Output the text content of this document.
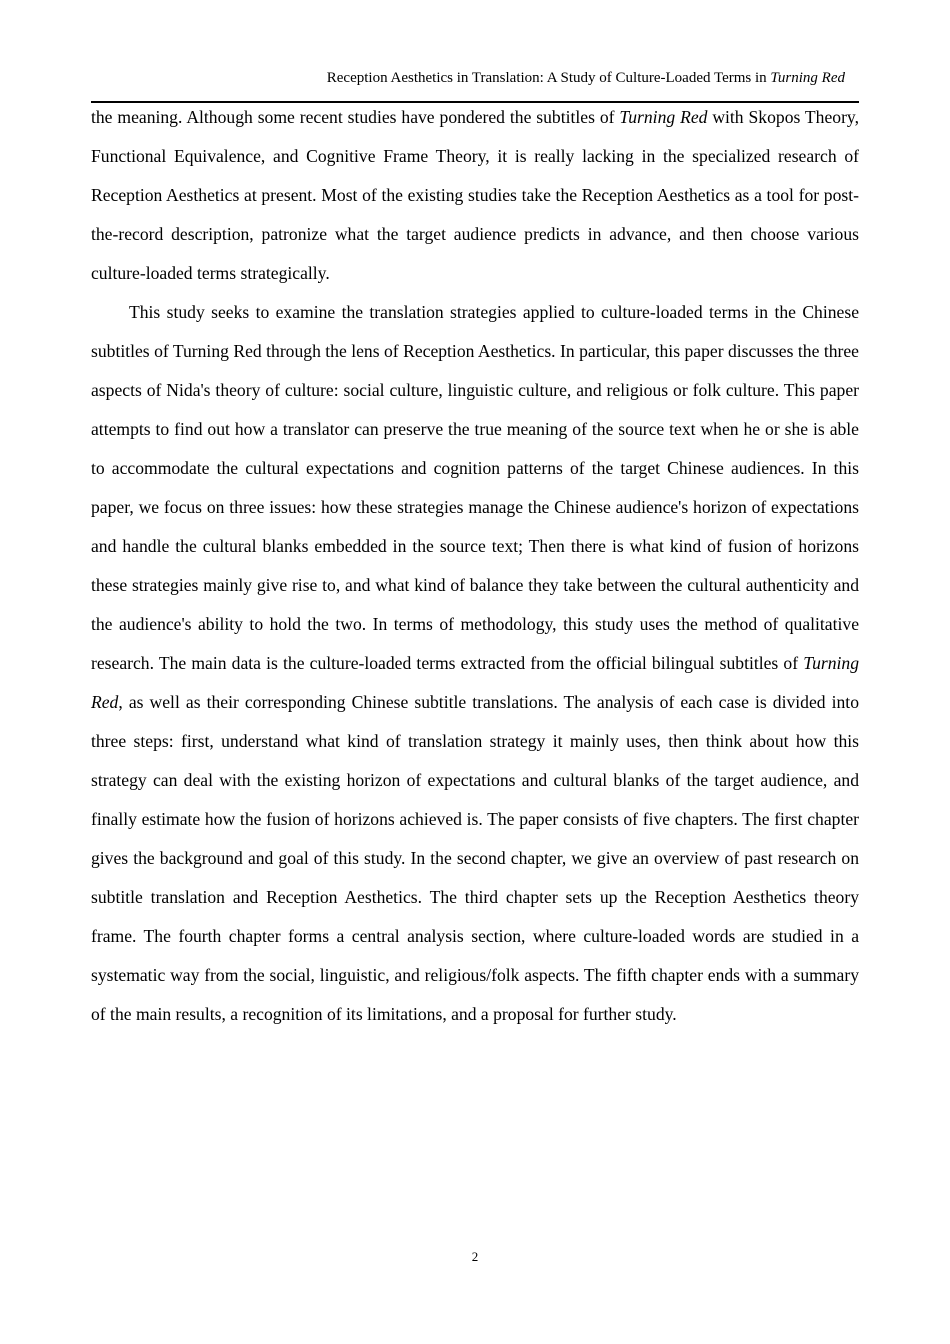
Reception Aesthetics in Translation: A Study of Culture-Loaded Terms in Turning Red

the meaning. Although some recent studies have pondered the subtitles of Turning Red with Skopos Theory, Functional Equivalence, and Cognitive Frame Theory, it is really lacking in the specialized research of Reception Aesthetics at present. Most of the existing studies take the Reception Aesthetics as a tool for post-the-record description, patronize what the target audience predicts in advance, and then choose various culture-loaded terms strategically.

This study seeks to examine the translation strategies applied to culture-loaded terms in the Chinese subtitles of Turning Red through the lens of Reception Aesthetics. In particular, this paper discusses the three aspects of Nida's theory of culture: social culture, linguistic culture, and religious or folk culture. This paper attempts to find out how a translator can preserve the true meaning of the source text when he or she is able to accommodate the cultural expectations and cognition patterns of the target Chinese audiences. In this paper, we focus on three issues: how these strategies manage the Chinese audience's horizon of expectations and handle the cultural blanks embedded in the source text; Then there is what kind of fusion of horizons these strategies mainly give rise to, and what kind of balance they take between the cultural authenticity and the audience's ability to hold the two. In terms of methodology, this study uses the method of qualitative research. The main data is the culture-loaded terms extracted from the official bilingual subtitles of Turning Red, as well as their corresponding Chinese subtitle translations. The analysis of each case is divided into three steps: first, understand what kind of translation strategy it mainly uses, then think about how this strategy can deal with the existing horizon of expectations and cultural blanks of the target audience, and finally estimate how the fusion of horizons achieved is. The paper consists of five chapters. The first chapter gives the background and goal of this study. In the second chapter, we give an overview of past research on subtitle translation and Reception Aesthetics. The third chapter sets up the Reception Aesthetics theory frame. The fourth chapter forms a central analysis section, where culture-loaded words are studied in a systematic way from the social, linguistic, and religious/folk aspects. The fifth chapter ends with a summary of the main results, a recognition of its limitations, and a proposal for further study.

2
